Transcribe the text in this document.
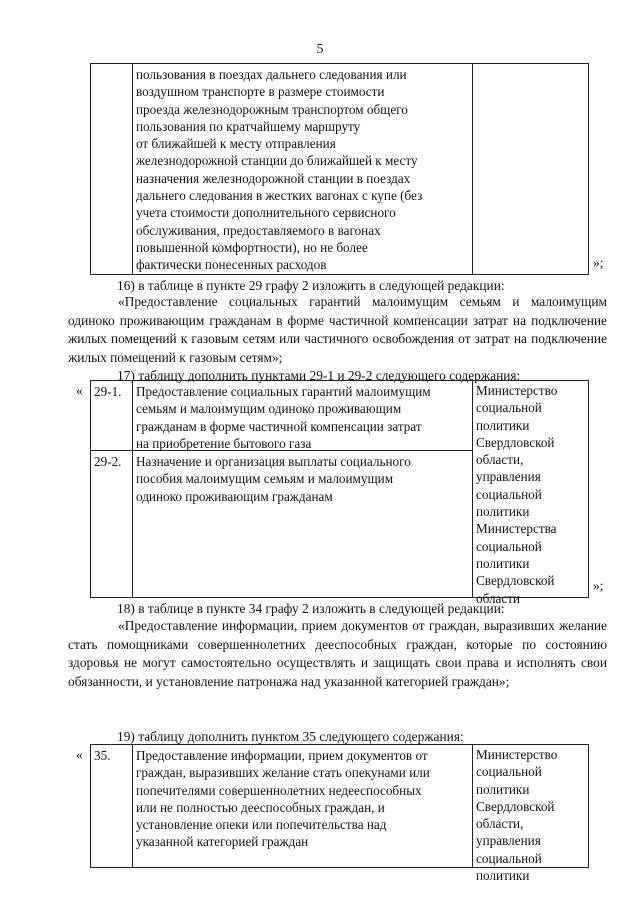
5
пользования в поездах дальнего следования или
воздушном транспорте в размере стоимости
проезда железнодорожным транспортом общего
пользования по кратчайшему маршруту
от ближайшей к месту отправления
железнодорожной станции до ближайшей к месту
назначения железнодорожной станции в поездах
дальнего следования в жестких вагонах с купе (без
учета стоимости дополнительного сервисного
обслуживания, предоставляемого в вагонах
повышенной комфортности), но не более
фактически понесенных расходов	»;
16) в таблице в пункте 29 графу 2 изложить в следующей редакции:
«Предоставление социальных гарантий малоимущим семьям и малоимущим одиноко проживающим гражданам в форме частичной компенсации затрат на подключение жилых помещений к газовым сетям или частичного освобождения от затрат на подключение жилых помещений к газовым сетям»;
17) таблицу дополнить пунктами 29-1 и 29-2 следующего содержания:
« 29-1.	Предоставление социальных гарантий малоимущим
семьям и малоимущим одиноко проживающим
гражданам в форме частичной компенсации затрат
на приобретение бытового газа
29-2.	Назначение и организация выплаты социального
пособия малоимущим семьям и малоимущим
одиноко проживающим гражданам
Министерство
социальной
политики
Свердловской
области,
управления
социальной
политики
Министерства
социальной
политики
Свердловской
области
»;
18) в таблице в пункте 34 графу 2 изложить в следующей редакции:
«Предоставление информации, прием документов от граждан, выразивших желание стать помощниками совершеннолетних дееспособных граждан, которые по состоянию здоровья не могут самостоятельно осуществлять и защищать свои права и исполнять свои обязанности, и установление патронажа над указанной категорией граждан»;
19) таблицу дополнить пунктом 35 следующего содержания:
« 35.	Предоставление информации, прием документов от
граждан, выразивших желание стать опекунами или
попечителями совершеннолетних недееспособных
или не полностью дееспособных граждан, и
установление опеки или попечительства над
указанной категорией граждан
Министерство
социальной
политики
Свердловской
области,
управления
социальной
политики
